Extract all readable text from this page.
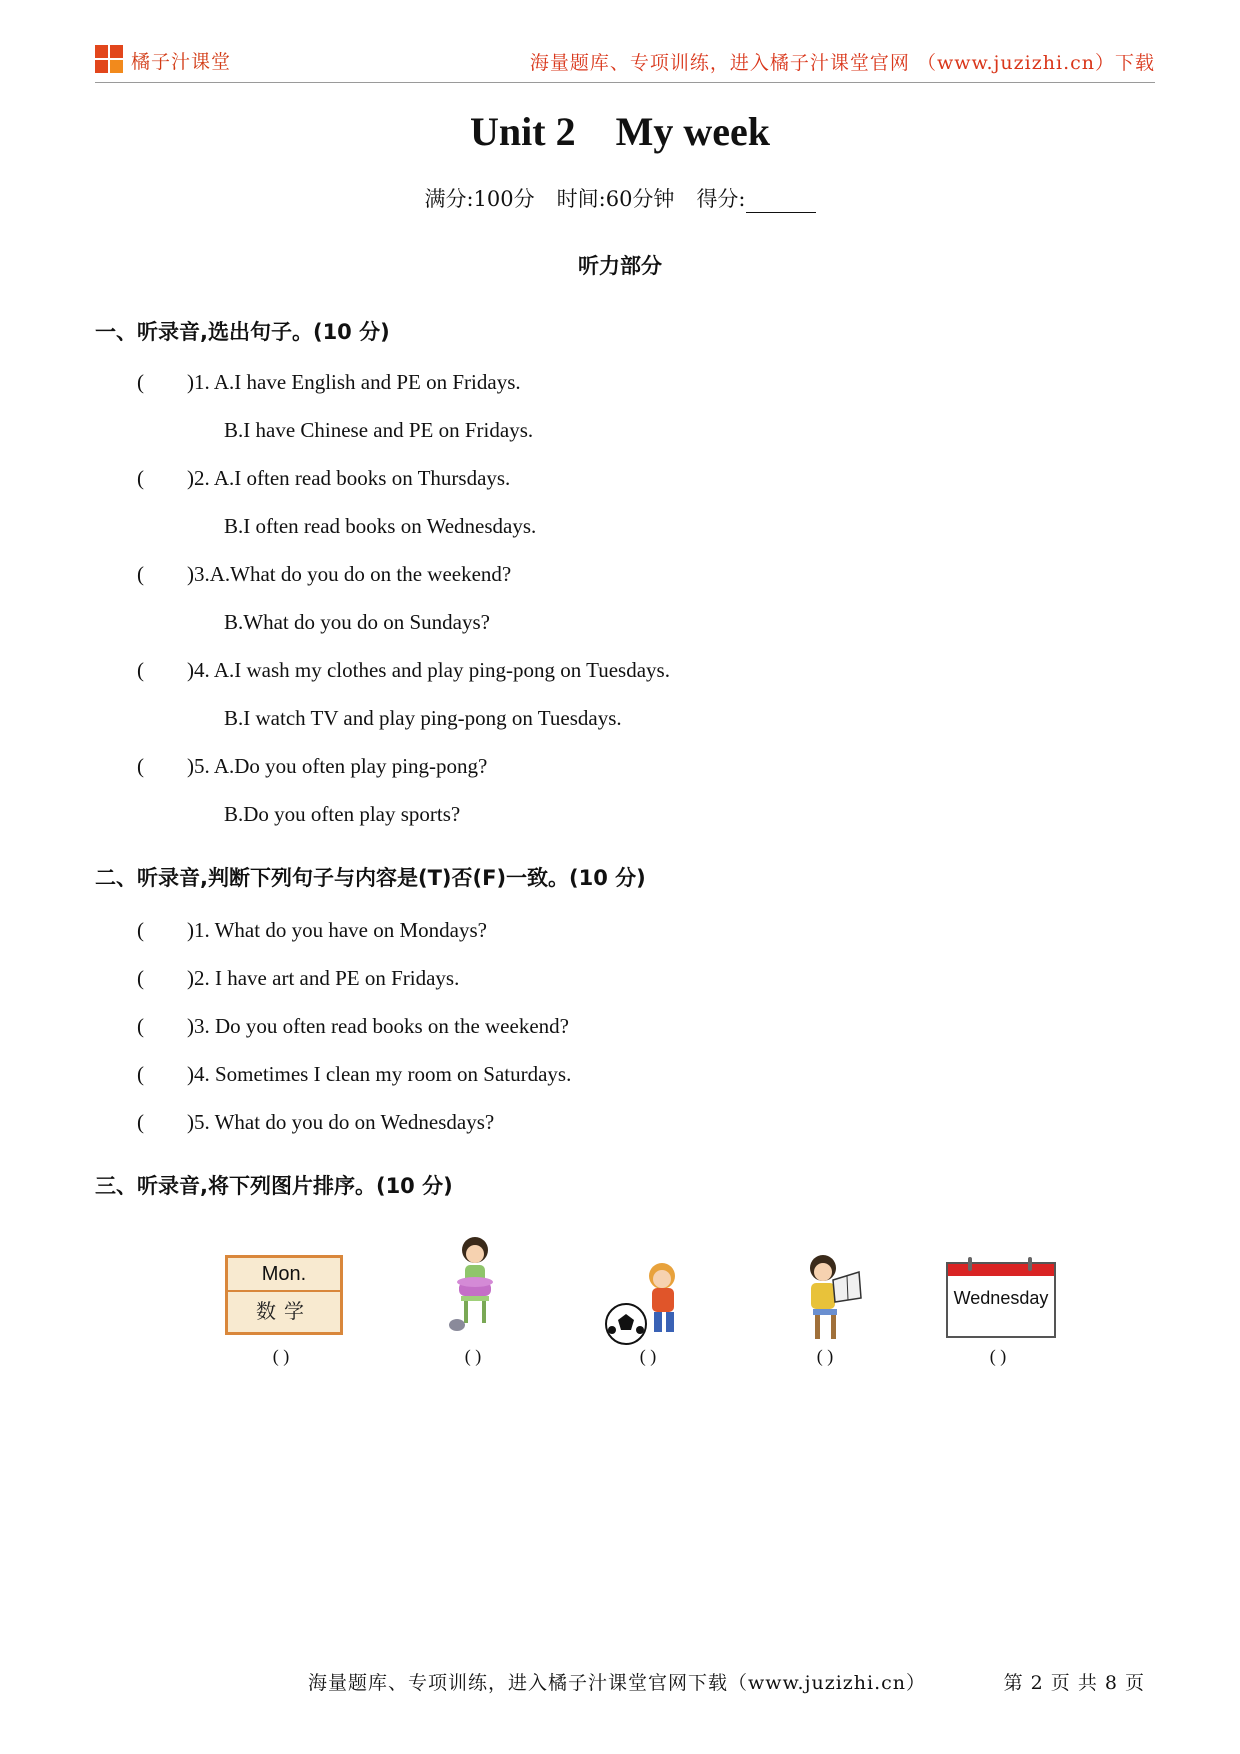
橘子汁课堂	海量题库、专项训练，进入橘子汁课堂官网 （www.juzizhi.cn）下载
Unit 2 My week
满分:100分 时间:60分钟 得分:
听力部分
一、听录音,选出句子。(10 分)
( )1. A.I have English and PE on Fridays.
B.I have Chinese and PE on Fridays.
( )2. A.I often read books on Thursdays.
B.I often read books on Wednesdays.
( )3.A.What do you do on the weekend?
B.What do you do on Sundays?
( )4. A.I wash my clothes and play ping-pong on Tuesdays.
B.I watch TV and play ping-pong on Tuesdays.
( )5. A.Do you often play ping-pong?
B.Do you often play sports?
二、听录音,判断下列句子与内容是(T)否(F)一致。(10 分)
( )1. What do you have on Mondays?
( )2. I have art and PE on Fridays.
( )3. Do you often read books on the weekend?
( )4. Sometimes I clean my room on Saturdays.
( )5. What do you do on Wednesdays?
三、听录音,将下列图片排序。(10 分)
Mon.
数学
( )	( )	( )	( )
Wednesday
( )
海量题库、专项训练，进入橘子汁课堂官网下载（www.juzizhi.cn）	第 2 页 共 8 页
